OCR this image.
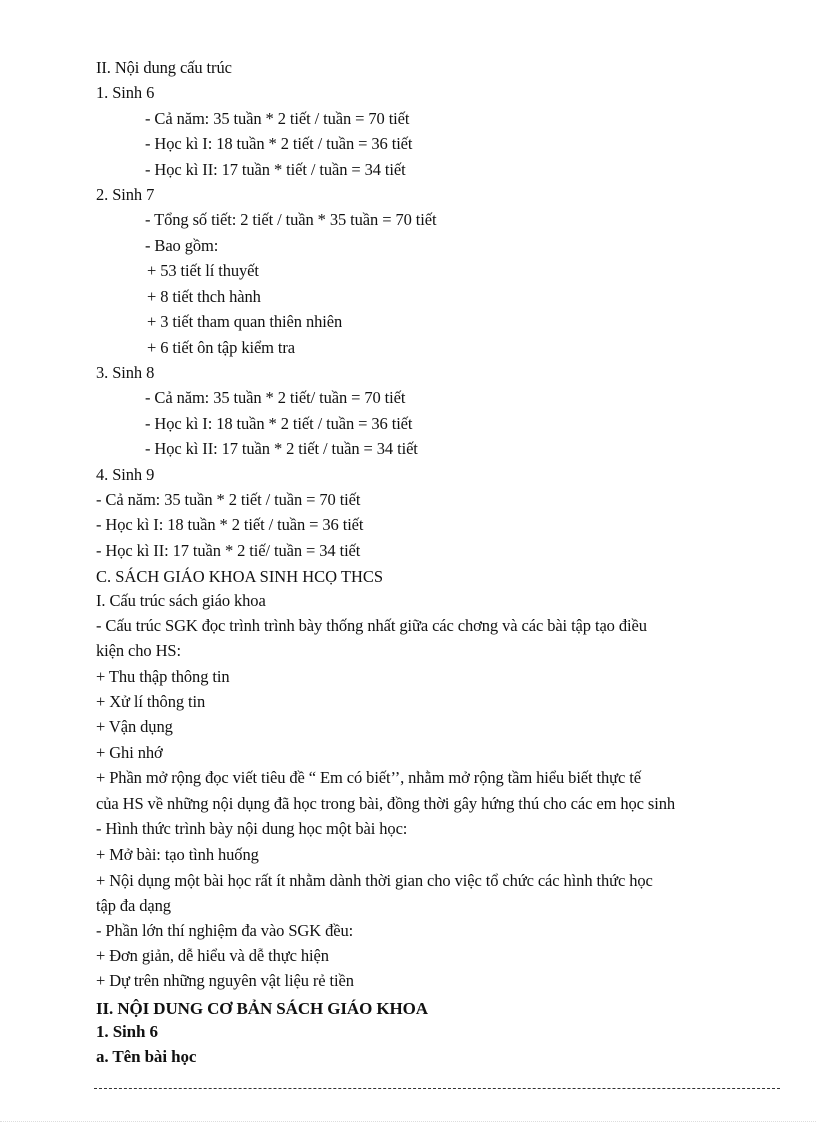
II. Nội dung cấu trúc
1. Sinh 6
- Cả năm: 35 tuần * 2 tiết / tuần = 70 tiết
- Học kì I: 18 tuần * 2 tiết / tuần = 36 tiết
- Học kì II: 17 tuần * tiết / tuần = 34 tiết
2. Sinh 7
- Tổng số tiết: 2 tiết / tuần * 35 tuần = 70 tiết
- Bao gồm:
+ 53 tiết lí thuyết
+ 8 tiết thch hành
+ 3 tiết tham quan thiên nhiên
+ 6 tiết ôn tập kiểm tra
3. Sinh 8
- Cả năm: 35 tuần * 2 tiết/ tuần = 70 tiết
- Học kì I: 18 tuần * 2 tiết / tuần = 36 tiết
- Học kì II: 17 tuần * 2 tiết / tuần = 34 tiết
4. Sinh 9
- Cả năm: 35 tuần * 2 tiết / tuần = 70 tiết
- Học kì I: 18 tuần * 2 tiết / tuần = 36 tiết
- Học kì II: 17 tuần * 2 tiế/ tuần = 34 tiết
C. SÁCH GIÁO KHOA SINH HCỌ THCS
I. Cấu trúc sách giáo khoa
- Cấu trúc SGK đọc trình trình bày thống nhất giữa các chơng và các bài tập tạo điều
kiện cho HS:
+ Thu thập thông tin
+ Xử lí thông tin
+ Vận dụng
+ Ghi nhớ
+ Phần mở rộng đọc viết tiêu đề “ Em có biết’’, nhằm mở rộng tầm hiểu biết thực tế
của HS về những nội dụng đã học trong bài, đồng thời gây hứng thú cho các em học sinh
- Hình thức trình bày nội dung học một bài học:
+ Mở bài: tạo tình huống
+ Nội dụng một bài học rất ít nhằm dành thời gian cho việc tổ chức các hình thức học
tập đa dạng
- Phần lớn thí nghiệm đa vào SGK đều:
+ Đơn giản, dễ hiểu và dễ thực hiện
+ Dự trên những nguyên vật liệu rẻ tiền
II. NỘI DUNG CƠ BẢN SÁCH GIÁO KHOA
1. Sinh 6
a. Tên bài học
